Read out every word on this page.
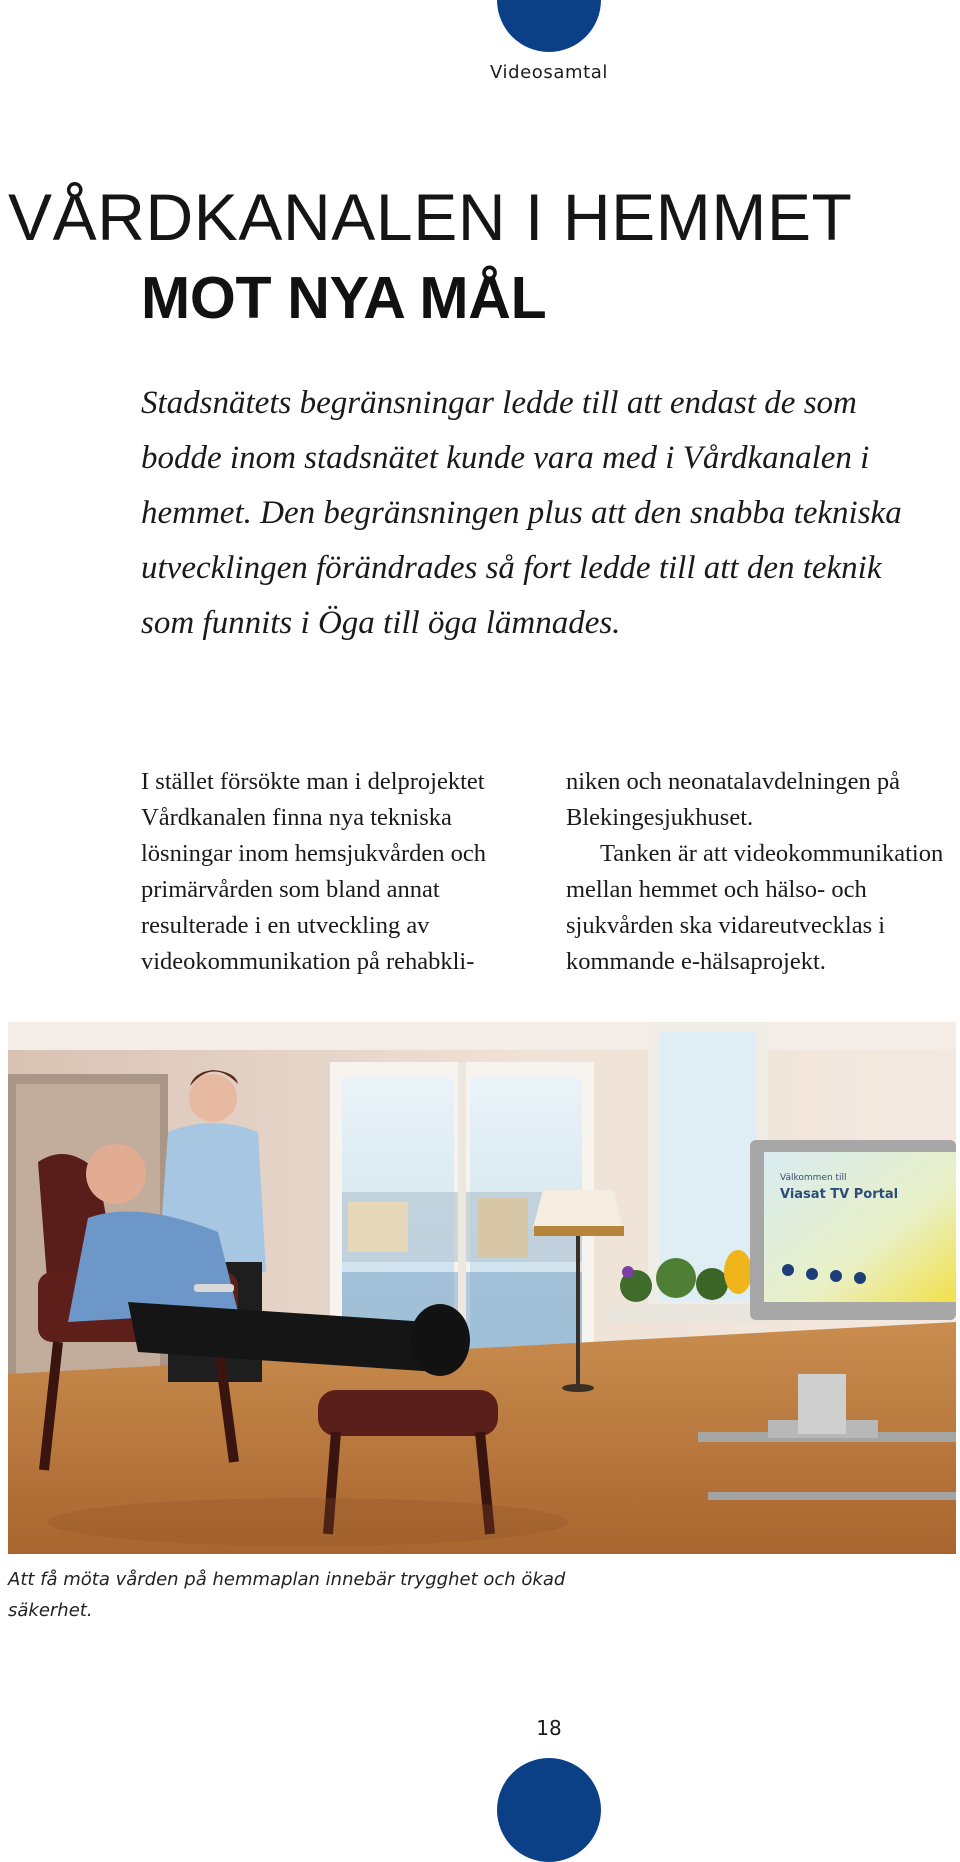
Videosamtal
VÅRDKANALEN I HEMMET
MOT NYA MÅL

Stadsnätets begränsningar ledde till att endast de som bodde inom stadsnätet kunde vara med i Vårdkanalen i hemmet. Den begränsningen plus att den snabba tekniska utvecklingen förändrades så fort ledde till att den teknik som funnits i Öga till öga lämnades.

I stället försökte man i delprojektet Vårdkanalen finna nya tekniska lösningar inom hemsjukvården och primärvården som bland annat resulterade i en utveckling av videokommunikation på rehabkli-

niken och neonatalavdelningen på Blekingesjukhuset.

Tanken är att videokommunikation mellan hemmet och hälso- och sjukvården ska vidareutvecklas i kommande e-hälsaprojekt.

Välkommen till
Viasat TV Portal

Att få möta vården på hemmaplan innebär trygghet och ökad säkerhet.

18
